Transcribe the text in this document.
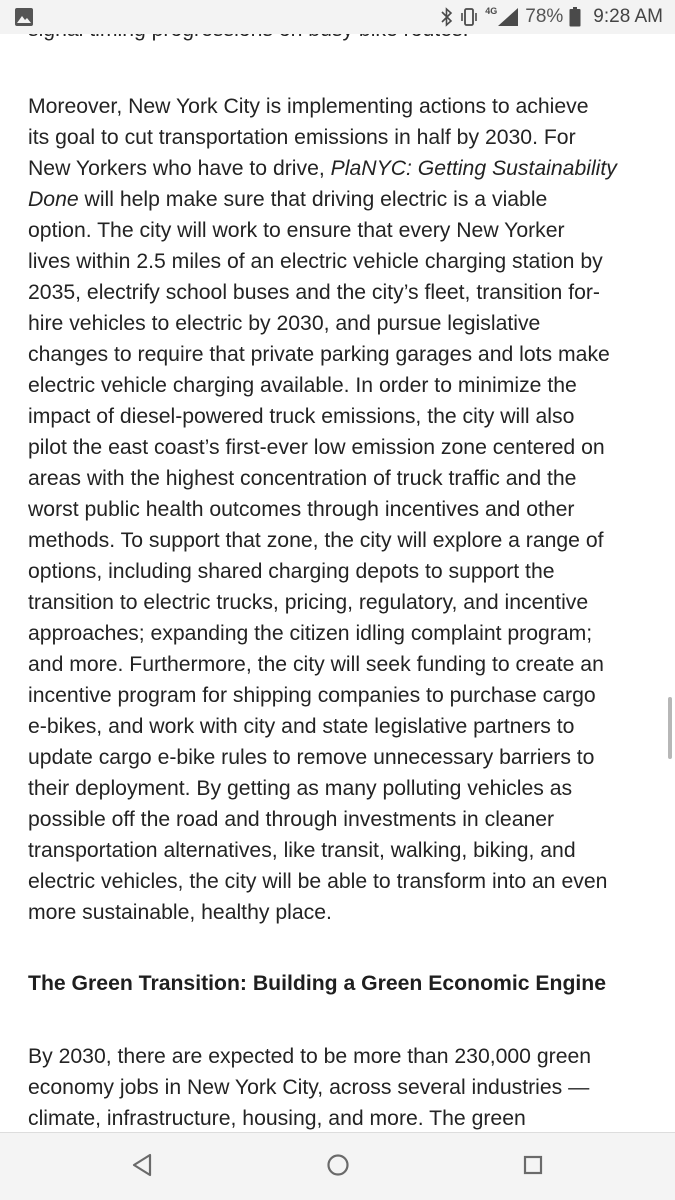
4G 78% 9:28 AM

Moreover, New York City is implementing actions to achieve
its goal to cut transportation emissions in half by 2030. For
New Yorkers who have to drive, PlaNYC: Getting Sustainability
Done will help make sure that driving electric is a viable
option. The city will work to ensure that every New Yorker
lives within 2.5 miles of an electric vehicle charging station by
2035, electrify school buses and the city’s fleet, transition for-
hire vehicles to electric by 2030, and pursue legislative
changes to require that private parking garages and lots make
electric vehicle charging available. In order to minimize the
impact of diesel-powered truck emissions, the city will also
pilot the east coast’s first-ever low emission zone centered on
areas with the highest concentration of truck traffic and the
worst public health outcomes through incentives and other
methods. To support that zone, the city will explore a range of
options, including shared charging depots to support the
transition to electric trucks, pricing, regulatory, and incentive
approaches; expanding the citizen idling complaint program;
and more. Furthermore, the city will seek funding to create an
incentive program for shipping companies to purchase cargo
e-bikes, and work with city and state legislative partners to
update cargo e-bike rules to remove unnecessary barriers to
their deployment. By getting as many polluting vehicles as
possible off the road and through investments in cleaner
transportation alternatives, like transit, walking, biking, and
electric vehicles, the city will be able to transform into an even
more sustainable, healthy place.

The Green Transition: Building a Green Economic Engine

By 2030, there are expected to be more than 230,000 green
economy jobs in New York City, across several industries —
climate, infrastructure, housing, and more. The green
